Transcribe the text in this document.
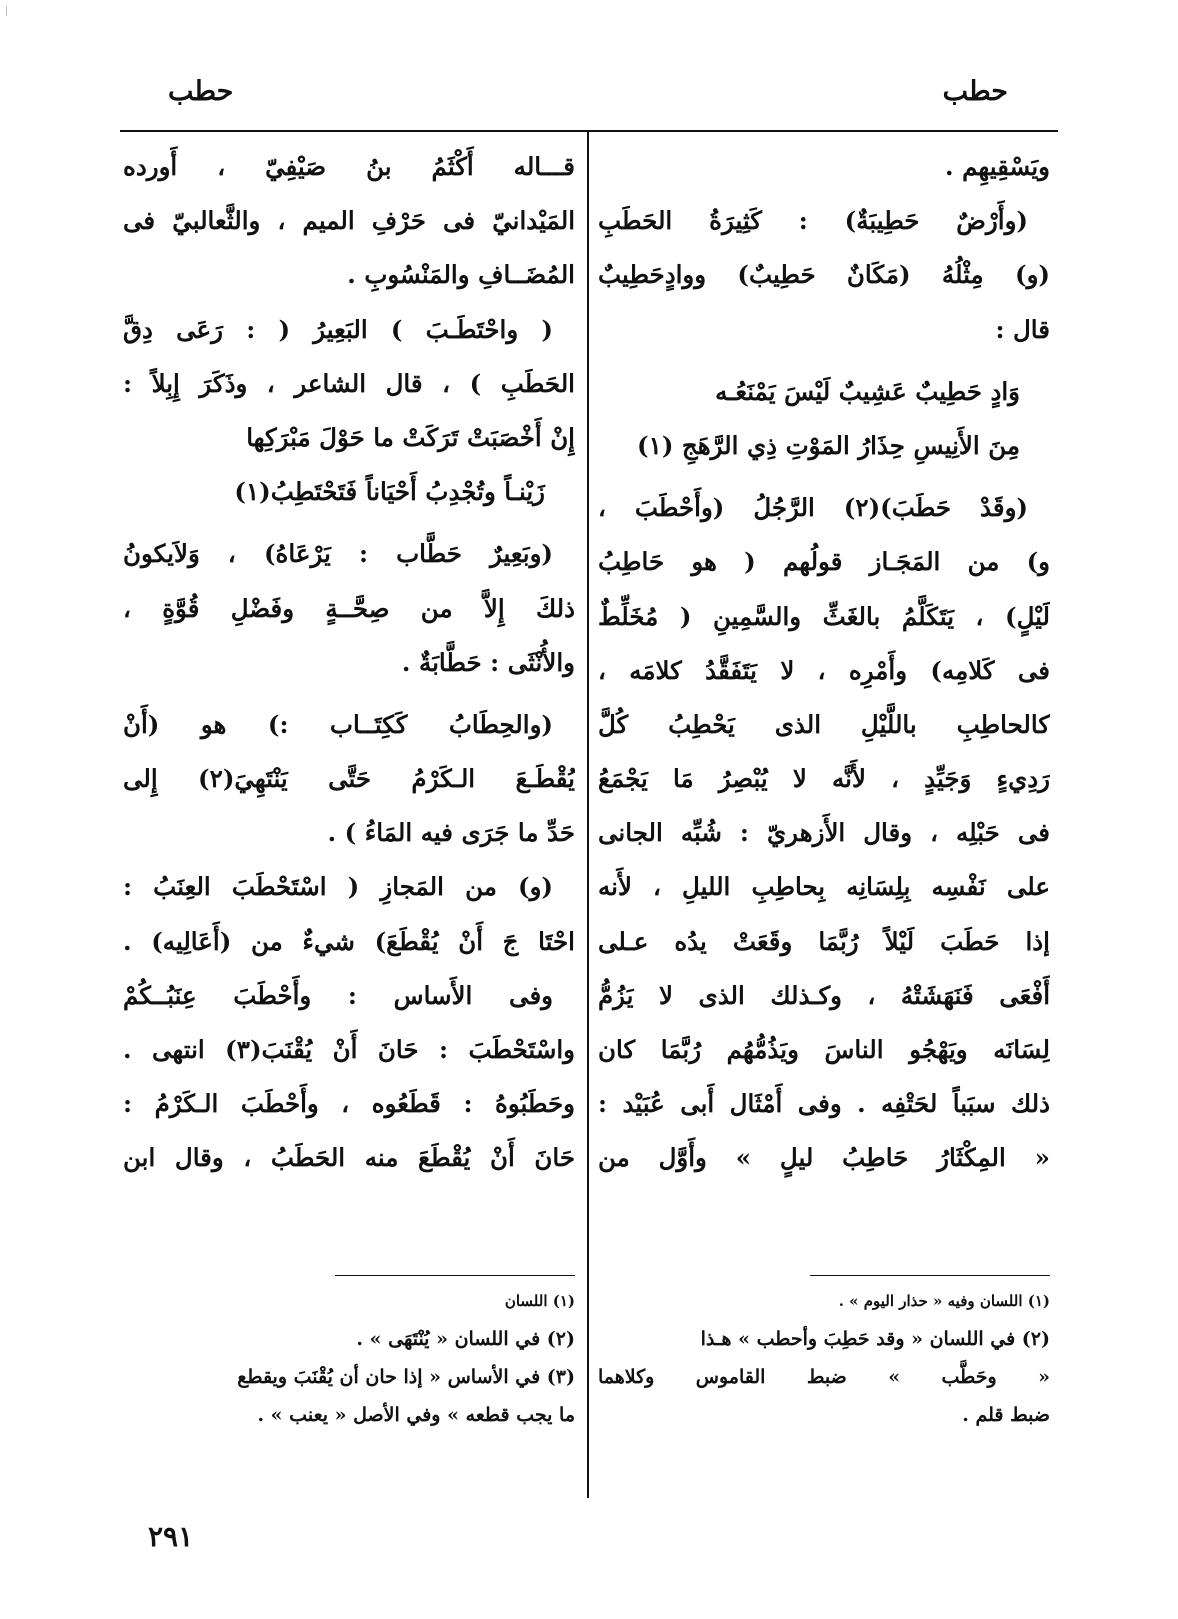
حطب
حطب
ويَسْقِيهِم .
(وأَرْضٌ حَطِيبَةٌ) : كَثِيرَةُ الحَطَبِ
(و) مِثْلُهُ (مَكَانٌ حَطِيبٌ) ووادٍحَطِيبٌ
قال :
وَادٍ حَطِيبٌ عَشِيبٌ لَيْسَ يَمْنَعُـه
مِنَ الأَنِيسِ حِذَارُ المَوْتِ ذِي الرَّهَجِ (١)
(وقَدْ حَطَبَ)(٢) الرَّجُلُ (وأَحْطَبَ ،
و) من المَجَـاز قولُهم ( هو حَاطِبُ
لَيْلٍ) ، يَتَكَلَّمُ بالغَثِّ والسَّمِينِ ( مُخَلِّطٌ
فى كَلامِه) وأَمْرِه ، لا يَتَفَقَّدُ كلامَه ،
كالحاطِبِ باللَّيْلِ الذى يَحْطِبُ كُلَّ
رَدِيءٍ وَجَيِّدٍ ، لأَنَّه لا يُبْصِرُ مَا يَجْمَعُ
فى حَبْلِه ، وقال الأَزهريّ : شُبِّه الجانى
على نَفْسِه بِلِسَانِه بِحاطِبِ الليلِ ، لأَنه
إذا حَطَبَ لَيْلاً رُبَّمَا وقَعَتْ يدُه عـلى
أَفْعَى فَنَهَشَتْهُ ، وكـذلك الذى لا يَزُمُّ
لِسَانَه ويَهْجُو الناسَ ويَذُمُّهُم رُبَّمَا كان
ذلك سبَباً لحَتْفِه . وفى أَمْثَال أَبى عُبَيْد :
« المِكْثَارُ حَاطِبُ ليلٍ » وأَوَّل من
قـــاله أَكْثَمُ بنُ صَيْفِيّ ، أَورده
المَيْدانيّ فى حَرْفِ الميم ، والثَّعالبيّ فى
المُضَــافِ والمَنْسُوبِ .
( واحْتَطَـبَ ) البَعِيرُ ( : رَعَى دِقَّ
الحَطَبِ ) ، قال الشاعر ، وذَكَرَ إِبِلاً :
إِنْ أَخْصَبَتْ تَرَكَتْ ما حَوْلَ مَبْرَكِها
زَيْنـاً وتُجْدِبُ أَحْيَاناً فَتَحْتَطِبُ(١)
(وبَعِيرٌ حَطَّاب : يَرْعَاهُ) ، وَلاَيكونُ
ذلكَ إِلاَّ من صِحَّــةٍ وفَضْلِ قُوَّةٍ ،
والأُنْثَى : حَطَّابَةٌ .
(والحِطَابُ كَكِتَــاب :) هو (أَنْ
يُقْطَـعَ الـكَرْمُ حَتَّى يَنْتَهِيَ(٢) إِلى
حَدِّ ما جَرَى فيه المَاءُ ) .
(و) من المَجازِ ( اسْتَحْطَبَ العِنَبُ :
احْتَا جَ أَنْ يُقْطَعَ) شيءٌ من (أَعَالِيه) .
وفى الأَساس : وأَحْطَبَ عِنَبُــكُمْ
واسْتَحْطَبَ : حَانَ أَنْ يُقْنَبَ(٣) انتهى .
وحَطَبُوهُ : قَطَعُوه ، وأَحْطَبَ الـكَرْمُ :
حَانَ أَنْ يُقْطَعَ منه الحَطَبُ ، وقال ابن
(١) اللسان وفيه « حذار اليوم » .
(٢) في اللسان « وقد حَطِبَ وأحطب » هـذا
« وحَطَّب » ضبط القاموس وكلاهما
ضبط قلم .
(١) اللسان
(٢) في اللسان « يُنْتَهَى » .
(٣) في الأساس « إذا حان أن يُقْنَبَ ويقطع
ما يجب قطعه » وفي الأصل « يعنب » .
٢٩١
